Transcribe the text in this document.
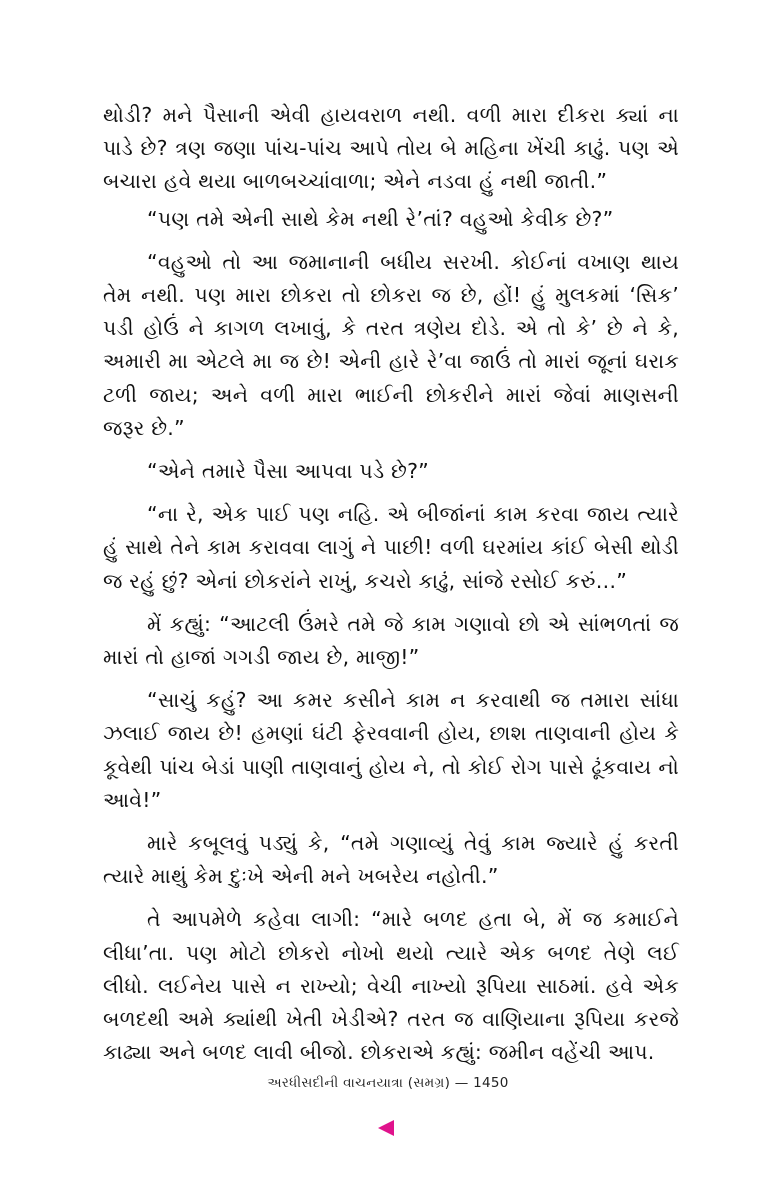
થોડી? મને પૈસાની એવી હાયવરાળ નથી. વળી મારા દીકરા ક્યાં ના પાડે છે? ત્રણ જણા પાંચ-પાંચ આપે તોય બે મહિના ખેંચી કાઢું. પણ એ બચારા હવે થયા બાળબચ્ચાંવાળા; એને નડવા હું નથી જાતી.”

“પણ તમે એની સાથે કેમ નથી રે’તાં? વહુઓ કેવીક છે?”

“વહુઓ તો આ જમાનાની બધીય સરખી. કોઈનાં વખાણ થાય તેમ નથી. પણ મારા છોકરા તો છોકરા જ છે, હોં! હું મુલકમાં ‘સિક’ પડી હોઉં ને કાગળ લખાવું, કે તરત ત્રણેય દોડે. એ તો કે’ છે ને કે, અમારી મા એટલે મા જ છે! એની હારે રે’વા જાઉં તો મારાં જૂનાં ઘરાક ટળી જાય; અને વળી મારા ભાઈની છોકરીને મારાં જેવાં માણસની જરૂર છે.”

“એને તમારે પૈસા આપવા પડે છે?”

“ના રે, એક પાઈ પણ નહિ. એ બીજાંનાં કામ કરવા જાય ત્યારે હું સાથે તેને કામ કરાવવા લાગું ને પાછી! વળી ઘરમાંય કાંઈ બેસી થોડી જ રહું છું? એનાં છોકરાંને રાખું, કચરો કાઢું, સાંજે રસોઈ કરું…”

મેં કહ્યું: “આટલી ઉંમરે તમે જે કામ ગણાવો છો એ સાંભળતાં જ મારાં તો હાજાં ગગડી જાય છે, માજી!”

“સાચું કહું? આ કમર કસીને કામ ન કરવાથી જ તમારા સાંધા ઝલાઈ જાય છે! હમણાં ઘંટી ફેરવવાની હોય, છાશ તાણવાની હોય કે કૂવેથી પાંચ બેડાં પાણી તાણવાનું હોય ને, તો કોઈ રોગ પાસે ઢૂંકવાય નો આવે!”

મારે કબૂલવું પડ્યું કે, “તમે ગણાવ્યું તેવું કામ જ્યારે હું કરતી ત્યારે માથું કેમ દુઃખે એની મને ખબરેય નહોતી.”

તે આપમેળે કહેવા લાગી: “મારે બળદ હતા બે, મેં જ કમાઈને લીધા’તા. પણ મોટો છોકરો નોખો થયો ત્યારે એક બળદ તેણે લઈ લીધો. લઈનેય પાસે ન રાખ્યો; વેચી નાખ્યો રૂપિયા સાઠમાં. હવે એક બળદથી અમે ક્યાંથી ખેતી ખેડીએ? તરત જ વાણિયાના રૂપિયા કરજે કાઢ્યા અને બળદ લાવી બીજો. છોકરાએ કહ્યું: જમીન વહેંચી આપ.

અરધીસદીની વાચનયાત્રા (સમગ્ર) — 1450
